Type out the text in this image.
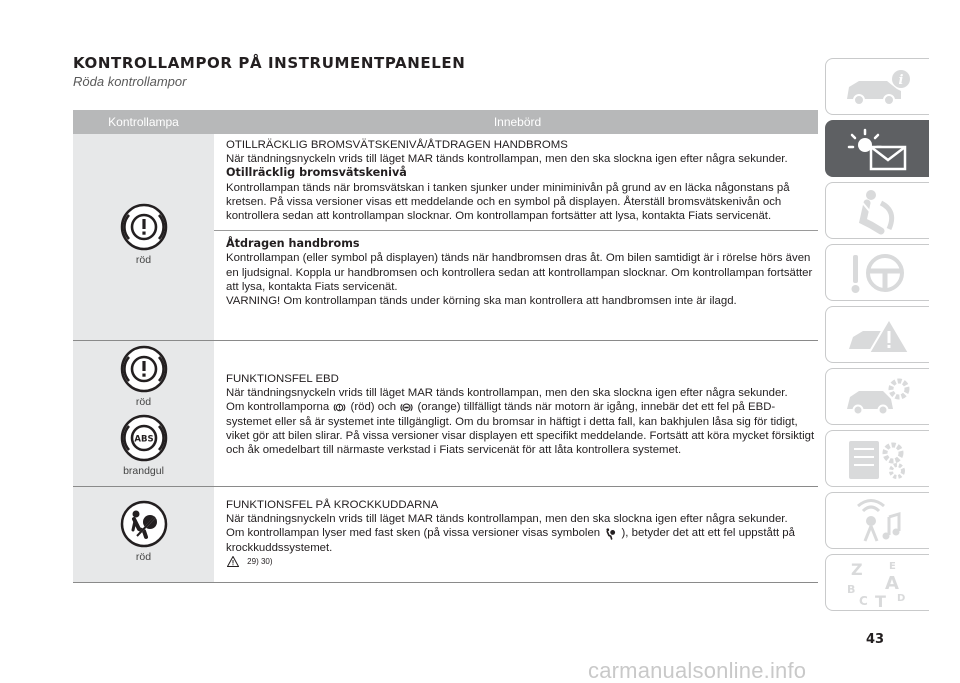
KONTROLLAMPOR PÅ INSTRUMENTPANELEN
Röda kontrollampor
Kontrollampa	Innebörd
röd
OTILLRÄCKLIG BROMSVÄTSKENIVÅ/ÅTDRAGEN HANDBROMS
När tändningsnyckeln vrids till läget MAR tänds kontrollampan, men den ska slockna igen efter några sekunder.
Otillräcklig bromsvätskenivå
Kontrollampan tänds när bromsvätskan i tanken sjunker under miniminivån på grund av en läcka någonstans på kretsen. På vissa versioner visas ett meddelande och en symbol på displayen. Återställ bromsvätskenivån och kontrollera sedan att kontrollampan slocknar. Om kontrollampan fortsätter att lysa, kontakta Fiats servicenät.
Åtdragen handbroms
Kontrollampan (eller symbol på displayen) tänds när handbromsen dras åt. Om bilen samtidigt är i rörelse hörs även en ljudsignal. Koppla ur handbromsen och kontrollera sedan att kontrollampan slocknar. Om kontrollampan fortsätter att lysa, kontakta Fiats servicenät.
VARNING! Om kontrollampan tänds under körning ska man kontrollera att handbromsen inte är ilagd.
röd
ABS
brandgul
FUNKTIONSFEL EBD
När tändningsnyckeln vrids till läget MAR tänds kontrollampan, men den ska slockna igen efter några sekunder.
Om kontrollamporna (röd) och (orange) tillfälligt tänds när motorn är igång, innebär det ett fel på EBD-systemet eller så är systemet inte tillgängligt. Om du bromsar in häftigt i detta fall, kan bakhjulen låsa sig för tidigt, viket gör att bilen slirar. På vissa versioner visar displayen ett specifikt meddelande. Fortsätt att köra mycket försiktigt och åk omedelbart till närmaste verkstad i Fiats servicenät för att låta kontrollera systemet.
röd
FUNKTIONSFEL PÅ KROCKKUDDARNA
När tändningsnyckeln vrids till läget MAR tänds kontrollampan, men den ska slockna igen efter några sekunder.
Om kontrollampan lyser med fast sken (på vissa versioner visas symbolen ), betyder det att ett fel uppstått på krockkuddssystemet.
29) 30)
i
Z	E
B A
C T D
43
carmanualsonline.info
